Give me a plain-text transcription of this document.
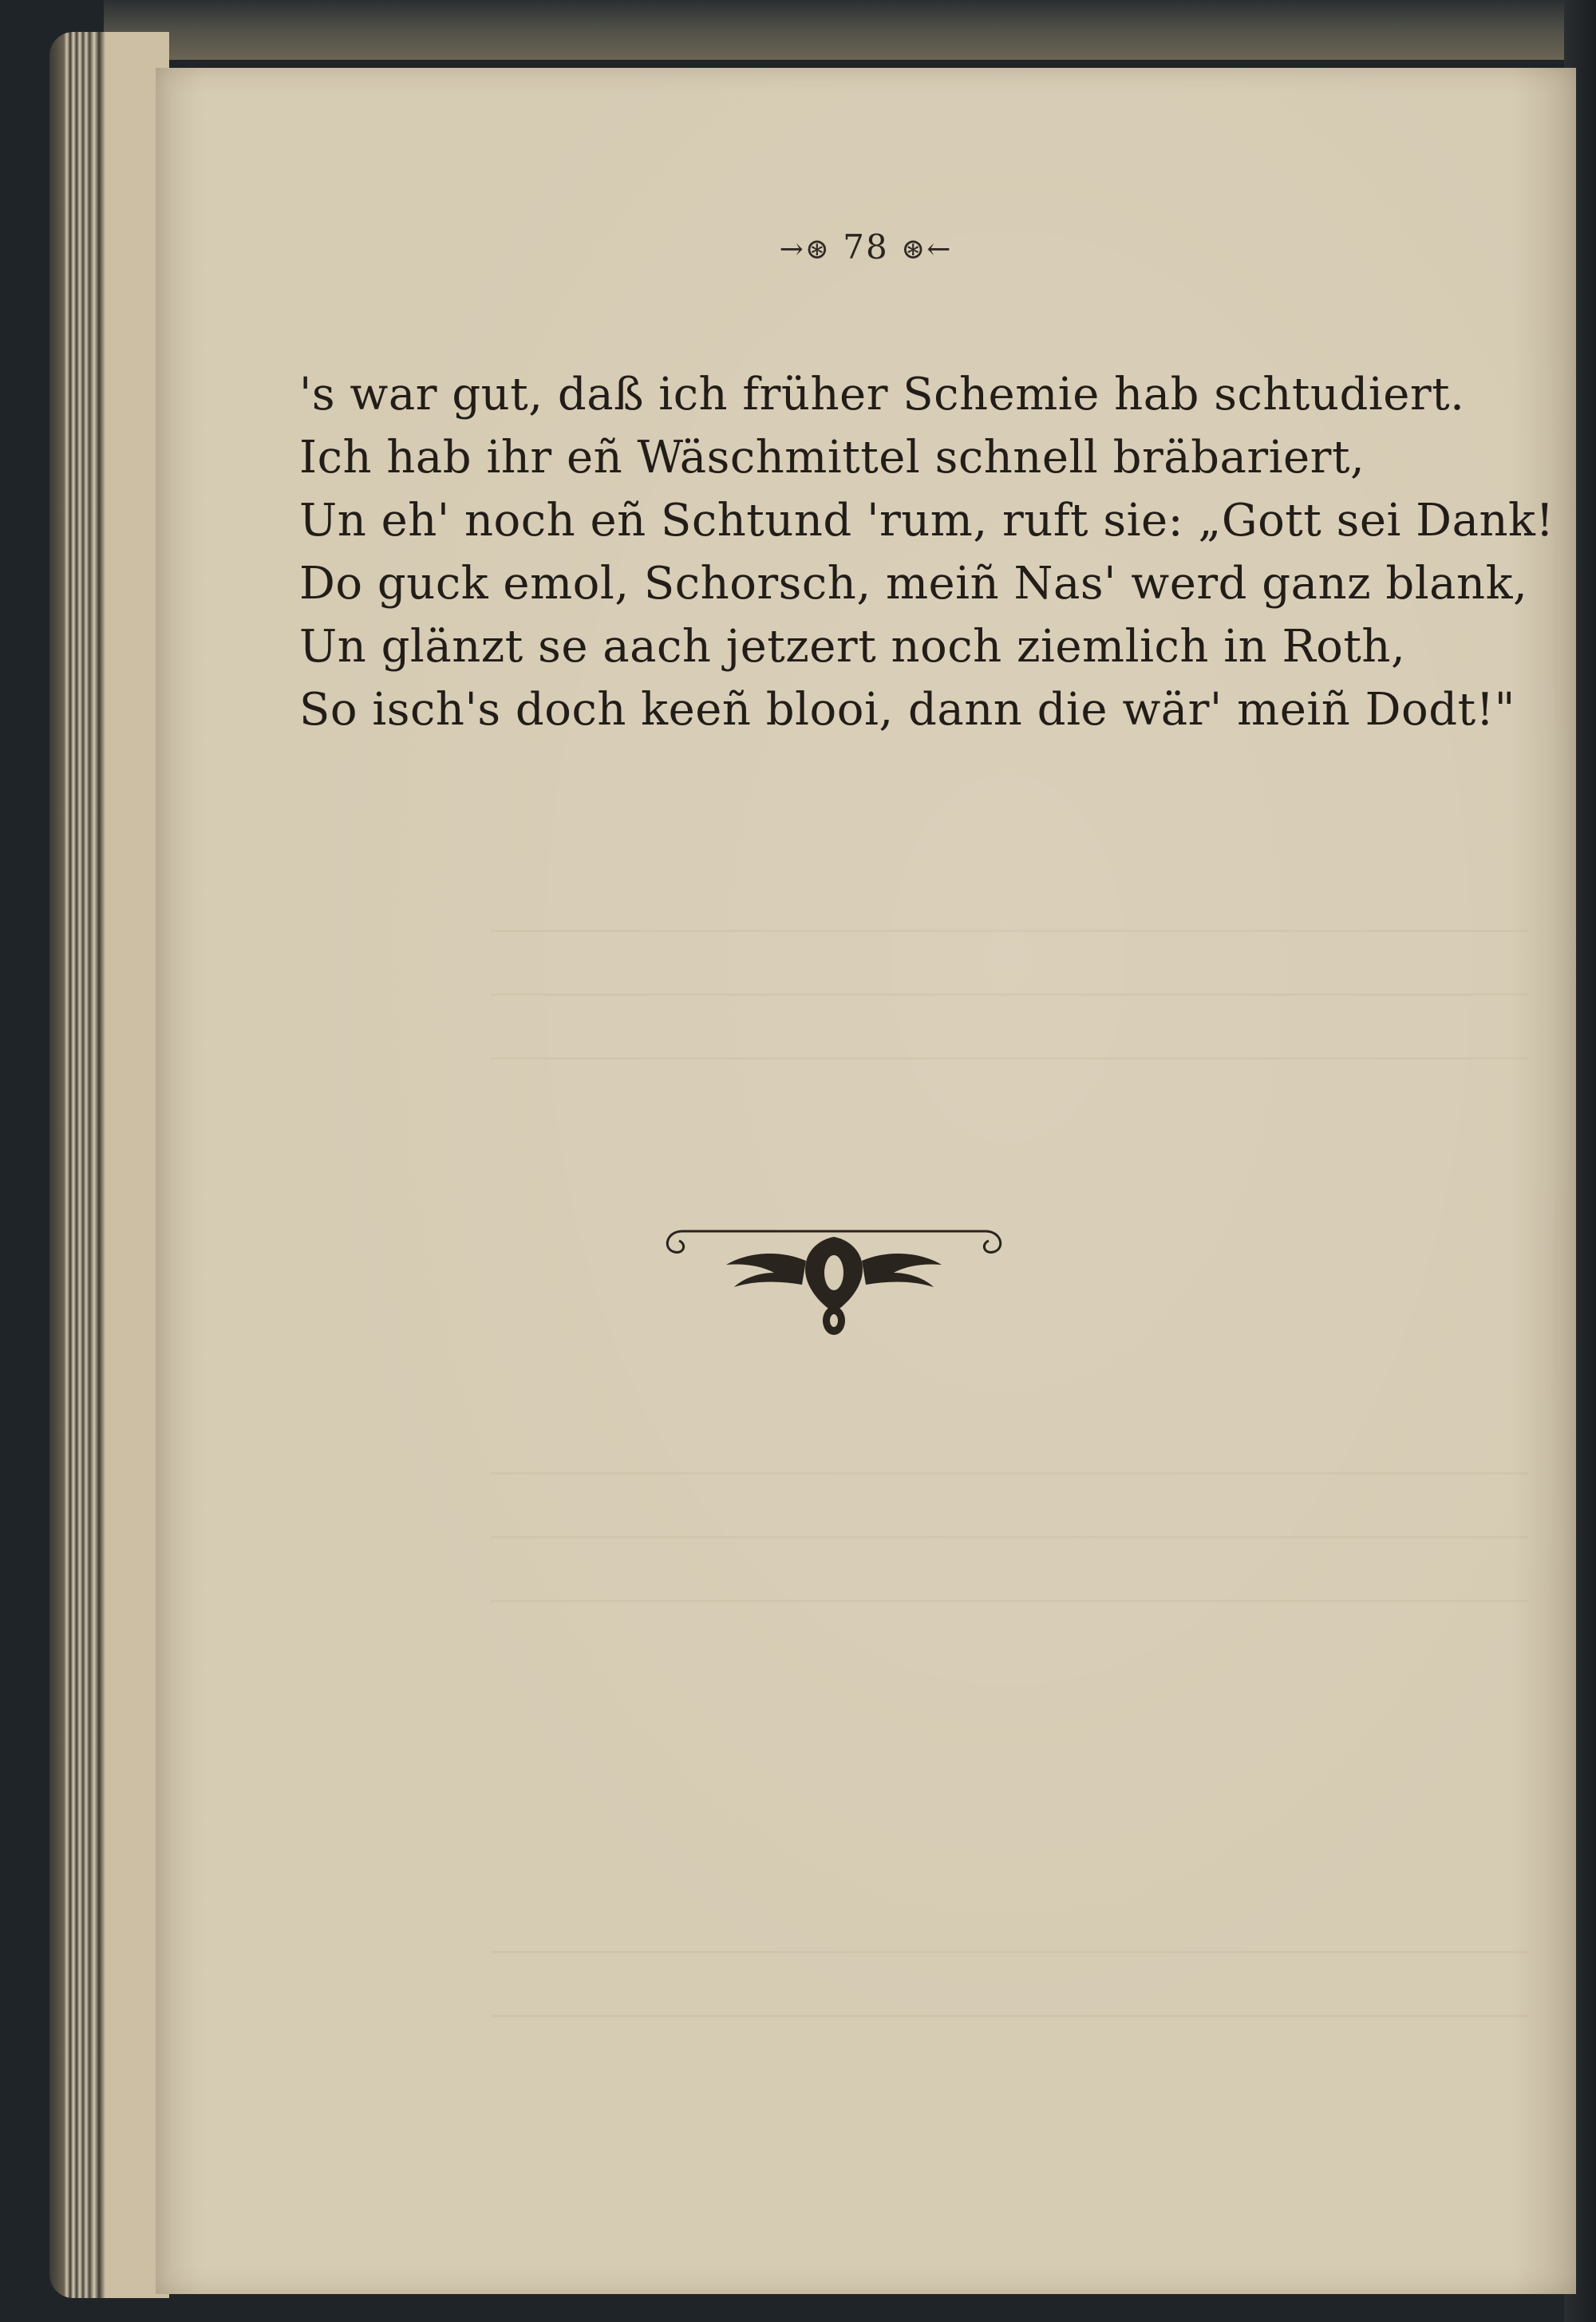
→⊛ 78 ⊛←
's war gut, daß ich früher Schemie hab schtudiert.
Ich hab ihr eñ Wäschmittel schnell bräbariert,
Un eh' noch eñ Schtund 'rum, ruft sie: „Gott sei Dank!
Do guck emol, Schorsch, meiñ Nas' werd ganz blank,
Un glänzt se aach jetzert noch ziemlich in Roth,
So isch's doch keeñ blooi, dann die wär' meiñ Dodt!"
